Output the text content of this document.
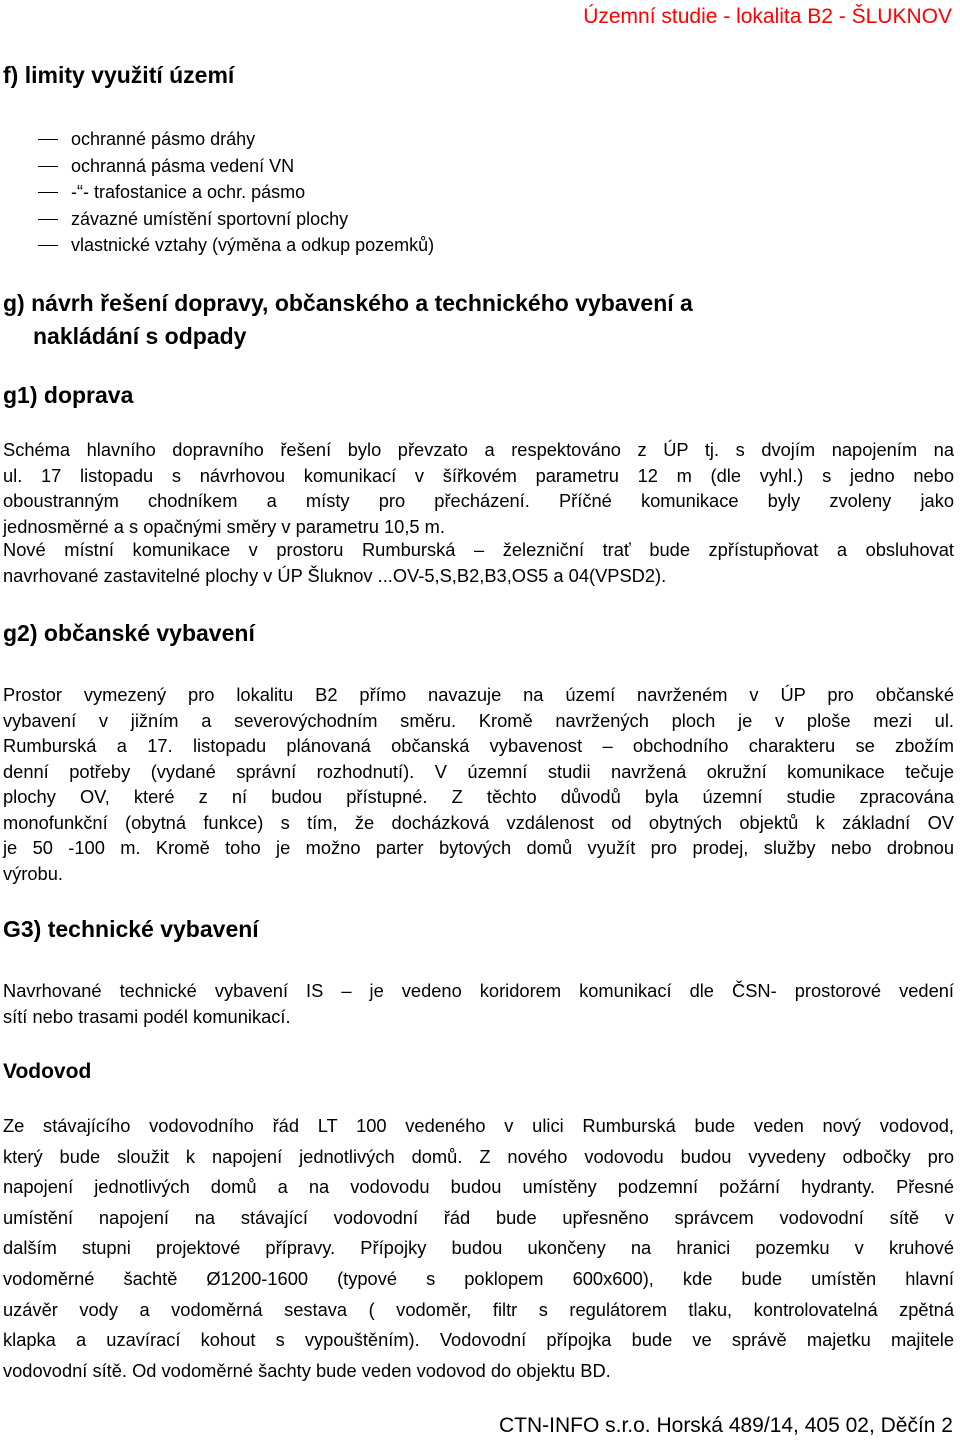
Územní studie - lokalita B2 - ŠLUKNOV
f) limity využití území
ochranné pásmo dráhy
ochranná pásma vedení VN
-“- trafostanice a ochr. pásmo
závazné umístění sportovní plochy
vlastnické vztahy (výměna a odkup pozemků)
g) návrh řešení dopravy, občanského a technického vybavení a
nakládání s odpady
g1) doprava
Schéma hlavního dopravního řešení bylo převzato a respektováno z ÚP tj. s dvojím napojením na
ul. 17 listopadu s návrhovou komunikací v šířkovém parametru 12 m (dle vyhl.) s jedno nebo
oboustranným chodníkem a místy pro přecházení. Příčné komunikace byly zvoleny jako
jednosměrné a s opačnými směry v parametru 10,5 m.
Nové místní komunikace v prostoru Rumburská – železniční trať bude zpřístupňovat a obsluhovat
navrhované zastavitelné plochy v ÚP Šluknov ...OV-5,S,B2,B3,OS5 a 04(VPSD2).
g2) občanské vybavení
Prostor vymezený pro lokalitu B2 přímo navazuje na území navrženém v ÚP pro občanské
vybavení v jižním a severovýchodním směru. Kromě navržených ploch je v ploše mezi ul.
Rumburská a 17. listopadu plánovaná občanská vybavenost – obchodního charakteru se zbožím
denní potřeby (vydané správní rozhodnutí). V územní studii navržená okružní komunikace tečuje
plochy OV, které z ní budou přístupné. Z těchto důvodů byla územní studie zpracována
monofunkční (obytná funkce) s tím, že docházková vzdálenost od obytných objektů k základní OV
je 50 -100 m. Kromě toho je možno parter bytových domů využít pro prodej, služby nebo drobnou
výrobu.
G3) technické vybavení
Navrhované technické vybavení IS – je vedeno koridorem komunikací dle ČSN- prostorové vedení
sítí nebo trasami podél komunikací.
Vodovod
Ze stávajícího vodovodního řád LT 100 vedeného v ulici Rumburská bude veden nový vodovod,
který bude sloužit k napojení jednotlivých domů. Z nového vodovodu budou vyvedeny odbočky pro
napojení jednotlivých domů a na vodovodu budou umístěny podzemní požární hydranty. Přesné
umístění napojení na stávající vodovodní řád bude upřesněno správcem vodovodní sítě v
dalším stupni projektové přípravy. Přípojky budou ukončeny na hranici pozemku v kruhové
vodoměrné šachtě Ø1200-1600 (typové s poklopem 600x600), kde bude umístěn hlavní
uzávěr vody a vodoměrná sestava ( vodoměr, filtr s regulátorem tlaku, kontrolovatelná zpětná
klapka a uzavírací kohout s vypouštěním). Vodovodní přípojka bude ve správě majetku majitele
vodovodní sítě. Od vodoměrné šachty bude veden vodovod do objektu BD.
CTN-INFO s.r.o. Horská 489/14, 405 02, Děčín 2
